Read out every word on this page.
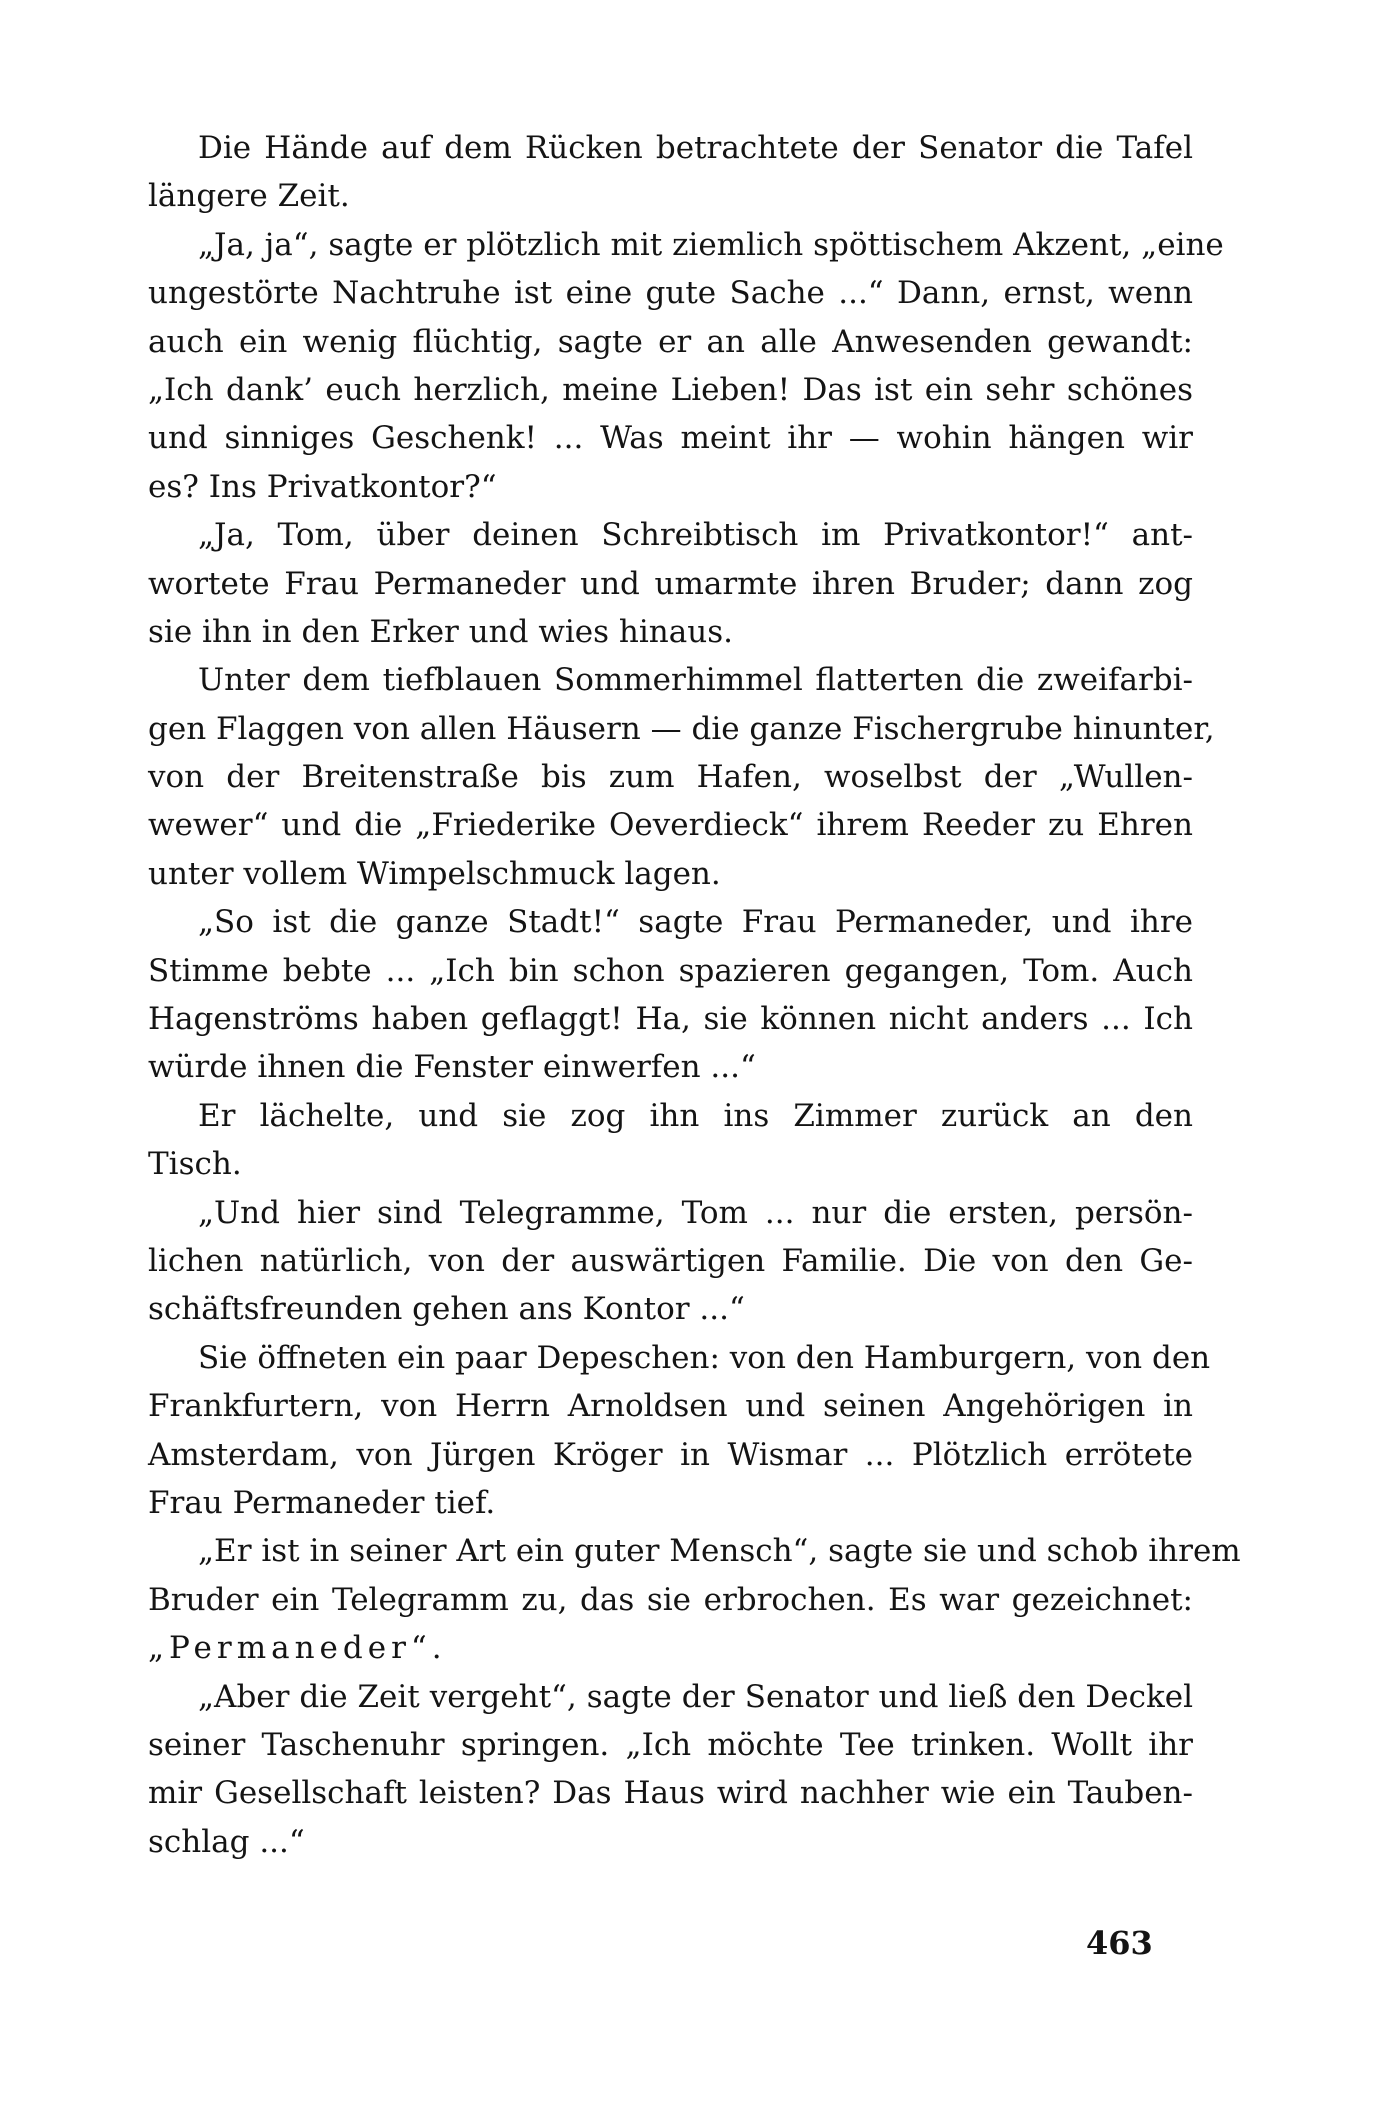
Die Hände auf dem Rücken betrachtete der Senator die Tafel
längere Zeit.
„Ja, ja“, sagte er plötzlich mit ziemlich spöttischem Akzent, „eine
ungestörte Nachtruhe ist eine gute Sache ...“ Dann, ernst, wenn
auch ein wenig flüchtig, sagte er an alle Anwesenden gewandt:
„Ich dank’ euch herzlich, meine Lieben! Das ist ein sehr schönes
und sinniges Geschenk! ... Was meint ihr — wohin hängen wir
es? Ins Privatkontor?“
„Ja, Tom, über deinen Schreibtisch im Privatkontor!“ ant-
wortete Frau Permaneder und umarmte ihren Bruder; dann zog
sie ihn in den Erker und wies hinaus.
Unter dem tiefblauen Sommerhimmel flatterten die zweifarbi-
gen Flaggen von allen Häusern — die ganze Fischergrube hinunter,
von der Breitenstraße bis zum Hafen, woselbst der „Wullen-
wewer“ und die „Friederike Oeverdieck“ ihrem Reeder zu Ehren
unter vollem Wimpelschmuck lagen.
„So ist die ganze Stadt!“ sagte Frau Permaneder, und ihre
Stimme bebte ... „Ich bin schon spazieren gegangen, Tom. Auch
Hagenströms haben geflaggt! Ha, sie können nicht anders ... Ich
würde ihnen die Fenster einwerfen ...“
Er lächelte, und sie zog ihn ins Zimmer zurück an den
Tisch.
„Und hier sind Telegramme, Tom ... nur die ersten, persön-
lichen natürlich, von der auswärtigen Familie. Die von den Ge-
schäftsfreunden gehen ans Kontor ...“
Sie öffneten ein paar Depeschen: von den Hamburgern, von den
Frankfurtern, von Herrn Arnoldsen und seinen Angehörigen in
Amsterdam, von Jürgen Kröger in Wismar ... Plötzlich errötete
Frau Permaneder tief.
„Er ist in seiner Art ein guter Mensch“, sagte sie und schob ihrem
Bruder ein Telegramm zu, das sie erbrochen. Es war gezeichnet:
„Permaneder“.
„Aber die Zeit vergeht“, sagte der Senator und ließ den Deckel
seiner Taschenuhr springen. „Ich möchte Tee trinken. Wollt ihr
mir Gesellschaft leisten? Das Haus wird nachher wie ein Tauben-
schlag ...“
463
